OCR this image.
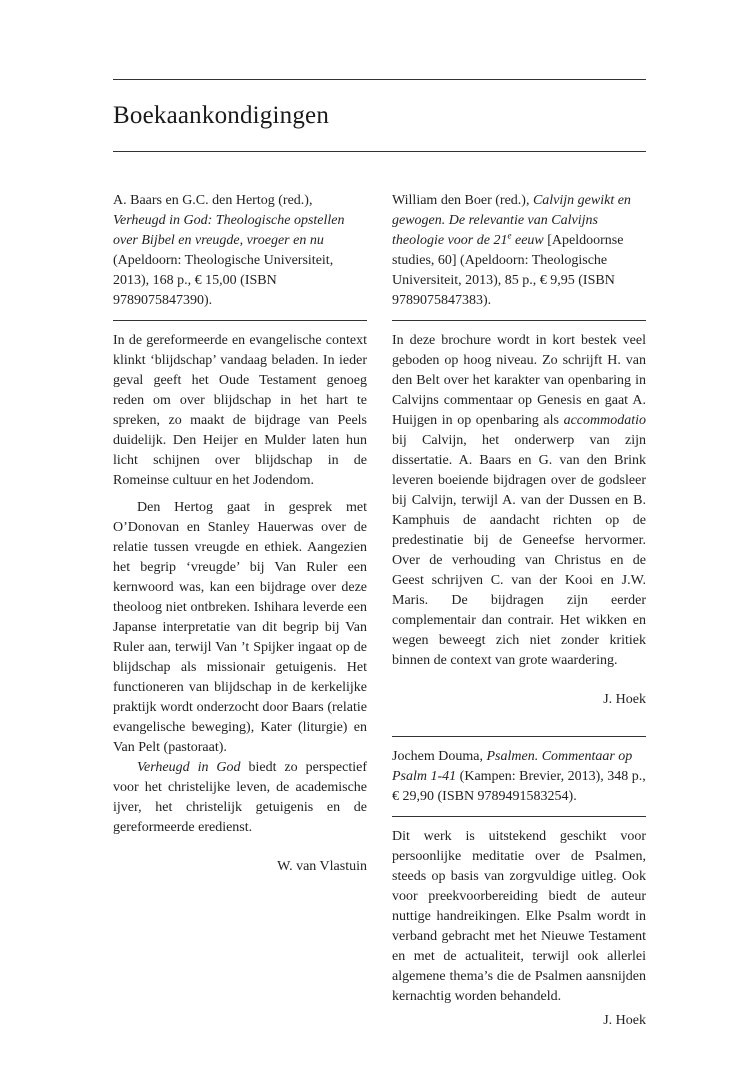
Boekaankondigingen

A. Baars en G.C. den Hertog (red.), Verheugd in God: Theologische opstellen over Bijbel en vreugde, vroeger en nu (Apeldoorn: Theologische Universiteit, 2013), 168 p., € 15,00 (ISBN 9789075847390).

In de gereformeerde en evangelische context klinkt ‘blijdschap’ vandaag beladen. In ieder geval geeft het Oude Testament genoeg reden om over blijdschap in het hart te spreken, zo maakt de bijdrage van Peels duidelijk. Den Heijer en Mulder laten hun licht schijnen over blijdschap in de Romeinse cultuur en het Jodendom.

Den Hertog gaat in gesprek met O’Donovan en Stanley Hauerwas over de relatie tussen vreugde en ethiek. Aangezien het begrip ‘vreugde’ bij Van Ruler een kernwoord was, kan een bijdrage over deze theoloog niet ontbreken. Ishihara leverde een Japanse interpretatie van dit begrip bij Van Ruler aan, terwijl Van ’t Spijker ingaat op de blijdschap als missionair getuigenis. Het functioneren van blijdschap in de kerkelijke praktijk wordt onderzocht door Baars (relatie evangelische beweging), Kater (liturgie) en Van Pelt (pastoraat).

Verheugd in God biedt zo perspectief voor het christelijke leven, de academische ijver, het christelijk getuigenis en de gereformeerde eredienst.

W. van Vlastuin

William den Boer (red.), Calvijn gewikt en gewogen. De relevantie van Calvijns theologie voor de 21e eeuw [Apeldoornse studies, 60] (Apeldoorn: Theologische Universiteit, 2013), 85 p., € 9,95 (ISBN 9789075847383).

In deze brochure wordt in kort bestek veel geboden op hoog niveau. Zo schrijft H. van den Belt over het karakter van openbaring in Calvijns commentaar op Genesis en gaat A. Huijgen in op openbaring als accommodatio bij Calvijn, het onderwerp van zijn dissertatie. A. Baars en G. van den Brink leveren boeiende bijdragen over de godsleer bij Calvijn, terwijl A. van der Dussen en B. Kamphuis de aandacht richten op de predestinatie bij de Geneefse hervormer. Over de verhouding van Christus en de Geest schrijven C. van der Kooi en J.W. Maris. De bijdragen zijn eerder complementair dan contrair. Het wikken en wegen beweegt zich niet zonder kritiek binnen de context van grote waardering.

J. Hoek

Jochem Douma, Psalmen. Commentaar op Psalm 1-41 (Kampen: Brevier, 2013), 348 p., € 29,90 (ISBN 9789491583254).

Dit werk is uitstekend geschikt voor persoonlijke meditatie over de Psalmen, steeds op basis van zorgvuldige uitleg. Ook voor preekvoorbereiding biedt de auteur nuttige handreikingen. Elke Psalm wordt in verband gebracht met het Nieuwe Testament en met de actualiteit, terwijl ook allerlei algemene thema’s die de Psalmen aansnijden kernachtig worden behandeld.

J. Hoek
